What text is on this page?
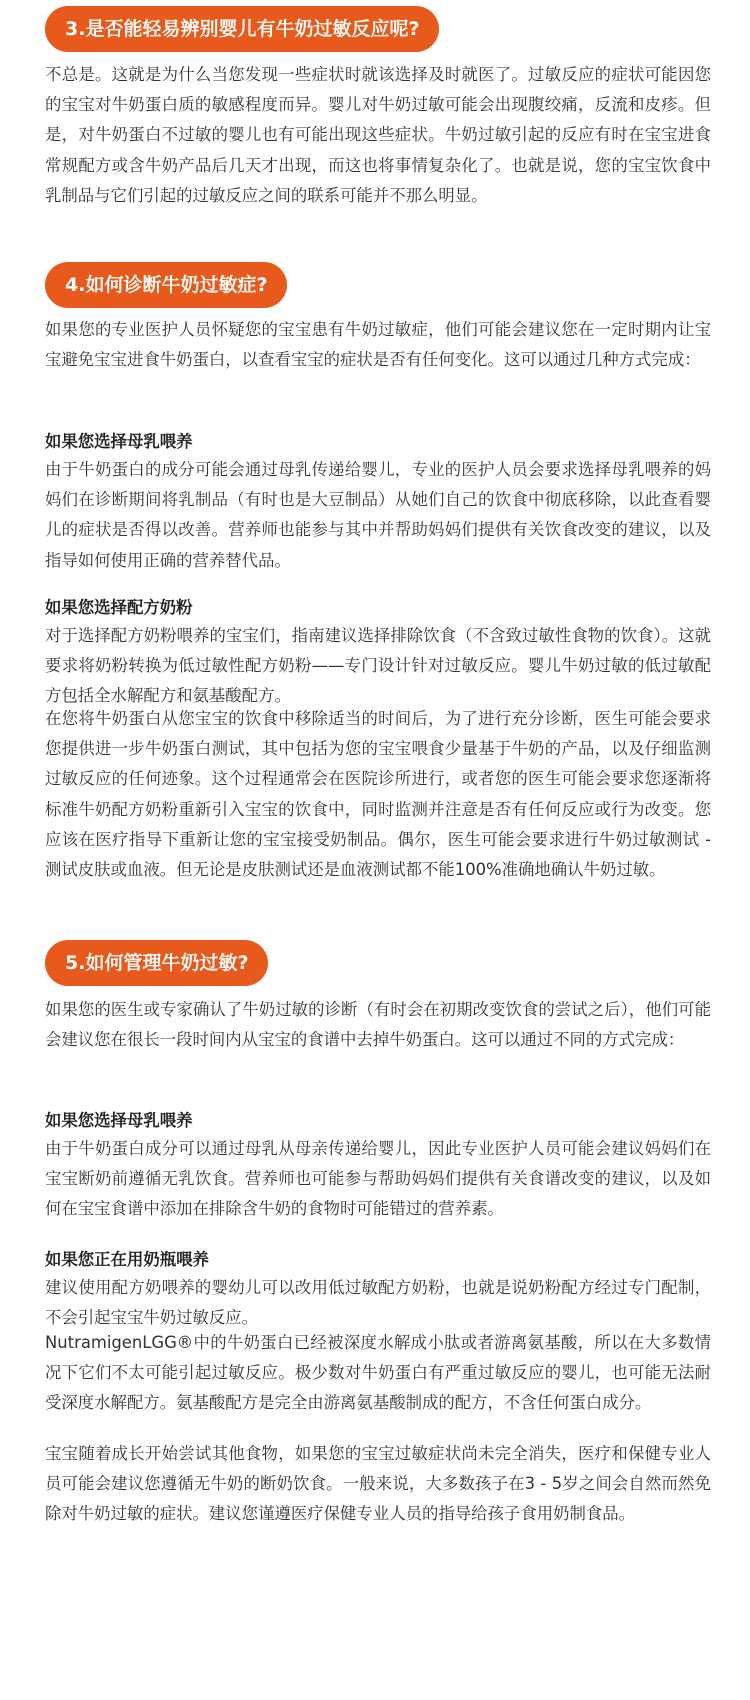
3.是否能轻易辨别婴儿有牛奶过敏反应呢?

不总是。这就是为什么当您发现一些症状时就该选择及时就医了。过敏反应的症状可能因您的宝宝对牛奶蛋白质的敏感程度而异。婴儿对牛奶过敏可能会出现腹绞痛，反流和皮疹。但是，对牛奶蛋白不过敏的婴儿也有可能出现这些症状。牛奶过敏引起的反应有时在宝宝进食常规配方或含牛奶产品后几天才出现，而这也将事情复杂化了。也就是说，您的宝宝饮食中乳制品与它们引起的过敏反应之间的联系可能并不那么明显。

4.如何诊断牛奶过敏症?

如果您的专业医护人员怀疑您的宝宝患有牛奶过敏症，他们可能会建议您在一定时期内让宝宝避免宝宝进食牛奶蛋白，以查看宝宝的症状是否有任何变化。这可以通过几种方式完成：

如果您选择母乳喂养

由于牛奶蛋白的成分可能会通过母乳传递给婴儿，专业的医护人员会要求选择母乳喂养的妈妈们在诊断期间将乳制品（有时也是大豆制品）从她们自己的饮食中彻底移除，以此查看婴儿的症状是否得以改善。营养师也能参与其中并帮助妈妈们提供有关饮食改变的建议，以及指导如何使用正确的营养替代品。

如果您选择配方奶粉

对于选择配方奶粉喂养的宝宝们，指南建议选择排除饮食（不含致过敏性食物的饮食）。这就要求将奶粉转换为低过敏性配方奶粉——专门设计针对过敏反应。婴儿牛奶过敏的低过敏配方包括全水解配方和氨基酸配方。

在您将牛奶蛋白从您宝宝的饮食中移除适当的时间后，为了进行充分诊断，医生可能会要求您提供进一步牛奶蛋白测试，其中包括为您的宝宝喂食少量基于牛奶的产品，以及仔细监测过敏反应的任何迹象。这个过程通常会在医院诊所进行，或者您的医生可能会要求您逐渐将标准牛奶配方奶粉重新引入宝宝的饮食中，同时监测并注意是否有任何反应或行为改变。您应该在医疗指导下重新让您的宝宝接受奶制品。偶尔，医生可能会要求进行牛奶过敏测试 - 测试皮肤或血液。但无论是皮肤测试还是血液测试都不能100%准确地确认牛奶过敏。

5.如何管理牛奶过敏?

如果您的医生或专家确认了牛奶过敏的诊断（有时会在初期改变饮食的尝试之后），他们可能会建议您在很长一段时间内从宝宝的食谱中去掉牛奶蛋白。这可以通过不同的方式完成：

如果您选择母乳喂养

由于牛奶蛋白成分可以通过母乳从母亲传递给婴儿，因此专业医护人员可能会建议妈妈们在宝宝断奶前遵循无乳饮食。营养师也可能参与帮助妈妈们提供有关食谱改变的建议，以及如何在宝宝食谱中添加在排除含牛奶的食物时可能错过的营养素。

如果您正在用奶瓶喂养

建议使用配方奶喂养的婴幼儿可以改用低过敏配方奶粉，也就是说奶粉配方经过专门配制，不会引起宝宝牛奶过敏反应。

NutramigenLGG®中的牛奶蛋白已经被深度水解成小肽或者游离氨基酸，所以在大多数情况下它们不太可能引起过敏反应。极少数对牛奶蛋白有严重过敏反应的婴儿，也可能无法耐受深度水解配方。氨基酸配方是完全由游离氨基酸制成的配方，不含任何蛋白成分。

宝宝随着成长开始尝试其他食物，如果您的宝宝过敏症状尚未完全消失，医疗和保健专业人员可能会建议您遵循无牛奶的断奶饮食。一般来说，大多数孩子在3 - 5岁之间会自然而然免除对牛奶过敏的症状。建议您谨遵医疗保健专业人员的指导给孩子食用奶制食品。
